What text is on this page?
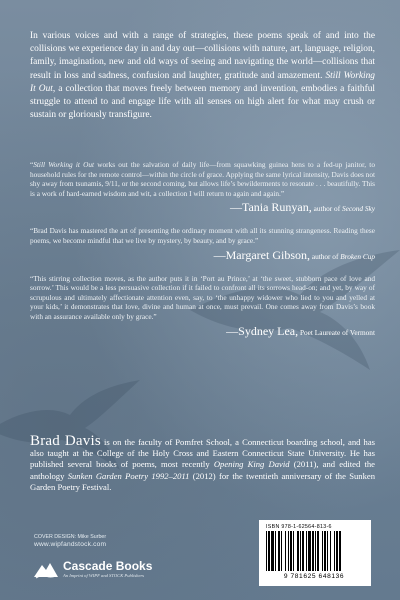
In various voices and with a range of strategies, these poems speak of and into the collisions we experience day in and day out—collisions with nature, art, language, religion, family, imagination, new and old ways of seeing and navigating the world—collisions that result in loss and sadness, confusion and laughter, gratitude and amazement. Still Working It Out, a collection that moves freely between memory and invention, embodies a faithful struggle to attend to and engage life with all senses on high alert for what may crush or sustain or gloriously transfigure.

“Still Working it Out works out the salvation of daily life—from squawking guinea hens to a fed-up janitor, to household rules for the remote control—within the circle of grace. Applying the same lyrical intensity, Davis does not shy away from tsunamis, 9/11, or the second coming, but allows life’s bewilderments to resonate . . . beautifully. This is a work of hard-earned wisdom and wit, a collection I will return to again and again.”

—Tania Runyan, author of Second Sky

“Brad Davis has mastered the art of presenting the ordinary moment with all its stunning strangeness. Reading these poems, we become mindful that we live by mystery, by beauty, and by grace.”

—Margaret Gibson, author of Broken Cup

“This stirring collection moves, as the author puts it in ‘Port au Prince,’ at ‘the sweet, stubborn pace of love and sorrow.’ This would be a less persuasive collection if it failed to confront all its sorrows head-on; and yet, by way of scrupulous and ultimately affectionate attention even, say, to ‘the unhappy widower who lied to you and yelled at your kids,’ it demonstrates that love, divine and human at once, must prevail. One comes away from Davis’s book with an assurance available only by grace.”

—Sydney Lea, Poet Laureate of Vermont

Brad Davis is on the faculty of Pomfret School, a Connecticut boarding school, and has also taught at the College of the Holy Cross and Eastern Connecticut State University. He has published several books of poems, most recently Opening King David (2011), and edited the anthology Sunken Garden Poetry 1992–2011 (2012) for the twentieth anniversary of the Sunken Garden Poetry Festival.

COVER DESIGN: Mike Surber
www.wipfandstock.com
Cascade Books
An Imprint of WIPF and STOCK Publishers
ISBN 978-1-62564-813-6
9 781625 648136
